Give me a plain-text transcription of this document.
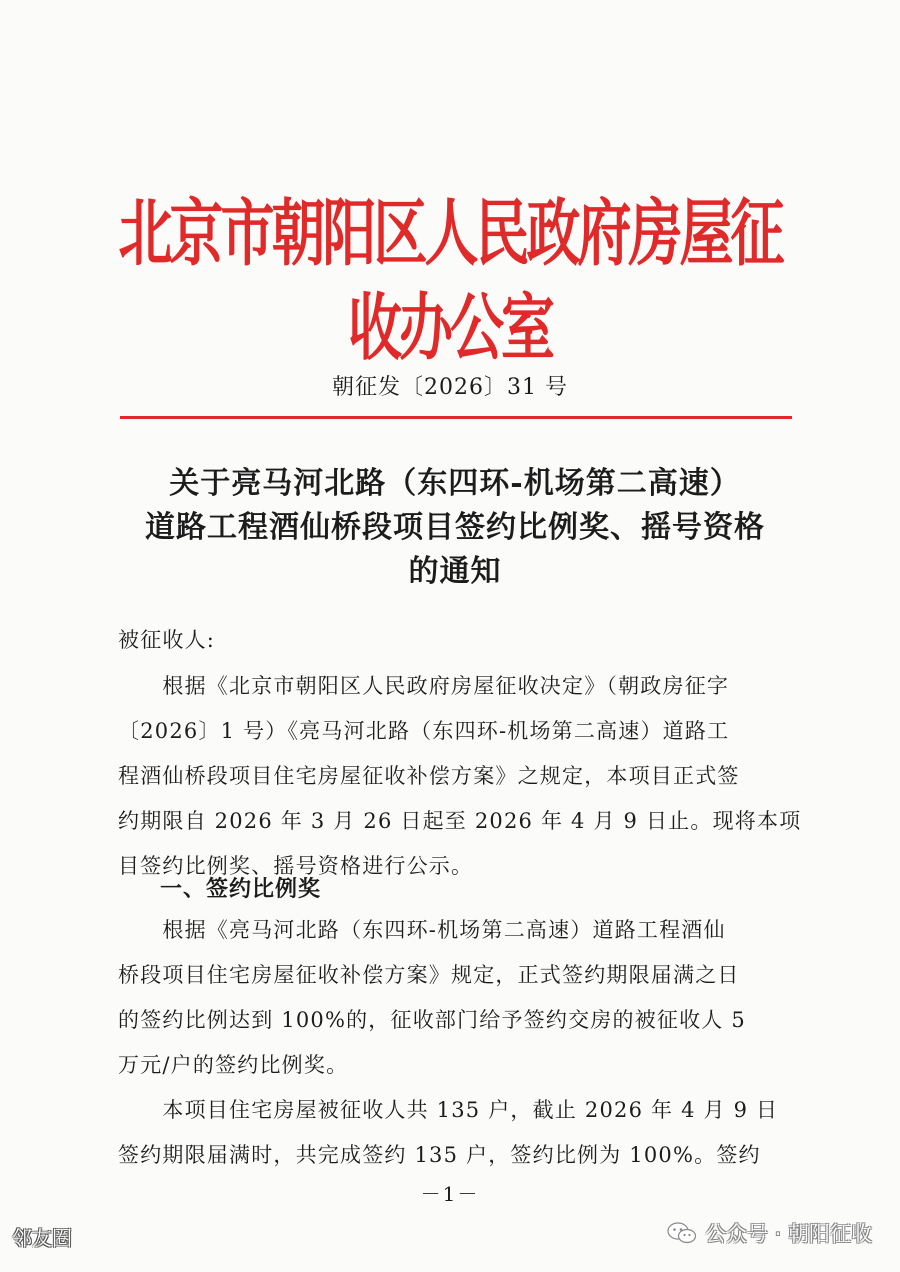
北京市朝阳区人民政府房屋征收办公室
朝征发〔2026〕31 号
关于亮马河北路（东四环-机场第二高速）
道路工程酒仙桥段项目签约比例奖、摇号资格
的通知
被征收人:
　　根据《北京市朝阳区人民政府房屋征收决定》（朝政房征字
〔2026〕1 号）《亮马河北路（东四环-机场第二高速）道路工
程酒仙桥段项目住宅房屋征收补偿方案》之规定，本项目正式签
约期限自 2026 年 3 月 26 日起至 2026 年 4 月 9 日止。现将本项
目签约比例奖、摇号资格进行公示。
一、签约比例奖
　　根据《亮马河北路（东四环-机场第二高速）道路工程酒仙
桥段项目住宅房屋征收补偿方案》规定，正式签约期限届满之日
的签约比例达到 100%的，征收部门给予签约交房的被征收人 5
万元/户的签约比例奖。
　　本项目住宅房屋被征收人共 135 户，截止 2026 年 4 月 9 日
签约期限届满时，共完成签约 135 户，签约比例为 100%。签约
－1－
邻友圈	公众号 · 朝阳征收
